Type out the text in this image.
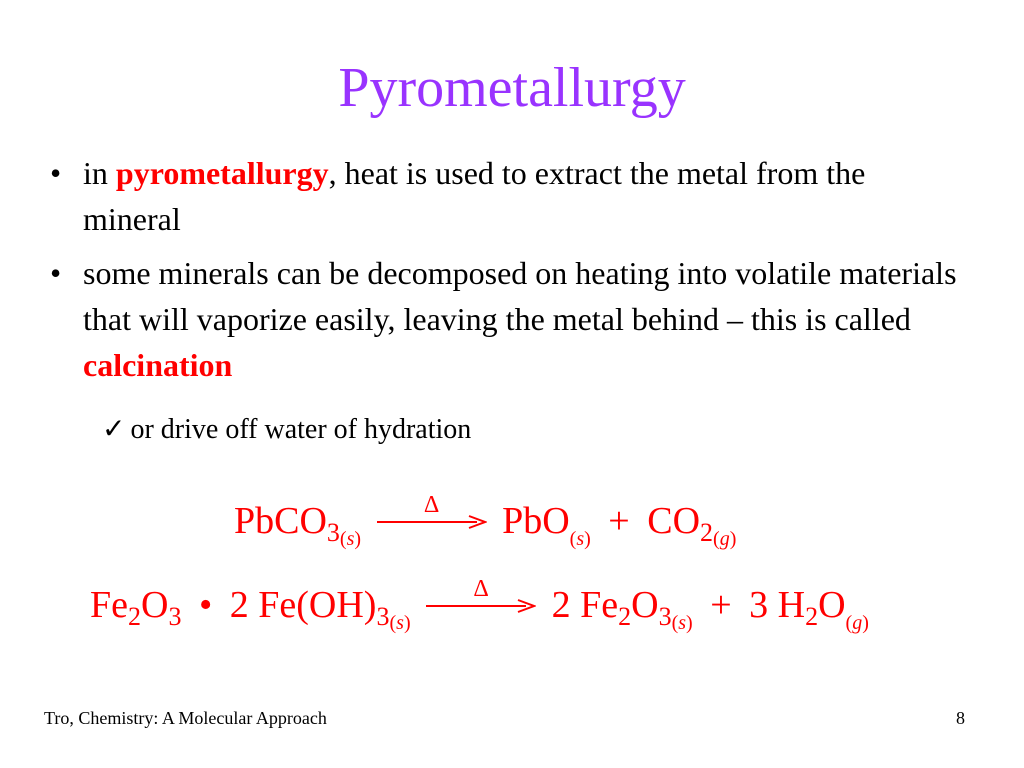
Pyrometallurgy
• in pyrometallurgy, heat is used to extract the metal from the mineral
• some minerals can be decomposed on heating into volatile materials that will vaporize easily, leaving the metal behind – this is called calcination
✓ or drive off water of hydration
PbCO$_{3(s)}$
Δ	$PbO_{(s)} + CO_{2(g)}$
$Fe_2O_3$ • 2 $Fe(OH)_{3(s)}$
Δ	2 $Fe_2O_{3(s)} + 3$ $H_2O_{(g)}$
Tro, Chemistry: A Molecular Approach	8
